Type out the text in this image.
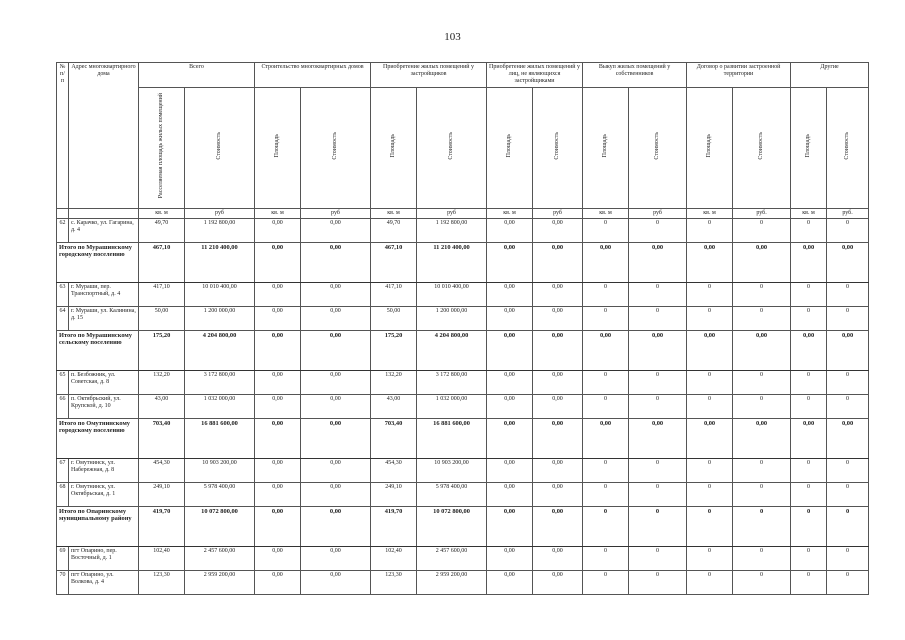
103
№ п/п	Адрес многоквартирного дома	Всего		Строительство многоквартирных домов		Приобретение жилых помещений у застройщиков		Приобретение жилых помещений у лиц, не являющихся застройщиками		Выкуп жилых помещений у собственников		Договор о развитии застроенной территории		Другие	
		Расселяемая площадь жилых помещений	Стоимость	Площадь	Стоимость	Площадь	Стоимость	Площадь	Стоимость	Площадь	Стоимость	Площадь	Стоимость	Площадь	Стоимость
		кв. м	руб	кв. м	руб	кв. м	руб	кв. м	руб	кв. м	руб	кв. м	руб.	кв. м	руб.
62	с. Карачко, ул. Гагарина, д. 4	49,70	1 192 800,00	0,00	0,00	49,70	1 192 800,00	0,00	0,00	0	0	0	0	0	0
Итого по Мурашинскому городскому поселению		467,10	11 210 400,00	0,00	0,00	467,10	11 210 400,00	0,00	0,00	0,00	0,00	0,00	0,00	0,00	0,00
63	г. Мураши, пер. Транспортный, д. 4	417,10	10 010 400,00	0,00	0,00	417,10	10 010 400,00	0,00	0,00	0	0	0	0	0	0
64	г. Мураши, ул. Калинина, д. 15	50,00	1 200 000,00	0,00	0,00	50,00	1 200 000,00	0,00	0,00	0	0	0	0	0	0
Итого по Мурашинскому сельскому поселению		175,20	4 204 800,00	0,00	0,00	175,20	4 204 800,00	0,00	0,00	0,00	0,00	0,00	0,00	0,00	0,00
65	п. Безбожник, ул. Советская, д. 8	132,20	3 172 800,00	0,00	0,00	132,20	3 172 800,00	0,00	0,00	0	0	0	0	0	0
66	п. Октябрьский, ул. Крупской, д. 10	43,00	1 032 000,00	0,00	0,00	43,00	1 032 000,00	0,00	0,00	0	0	0	0	0	0
Итого по Омутнинскому городскому поселению		703,40	16 881 600,00	0,00	0,00	703,40	16 881 600,00	0,00	0,00	0,00	0,00	0,00	0,00	0,00	0,00
67	г. Омутнинск, ул. Набережная, д. 8	454,30	10 903 200,00	0,00	0,00	454,30	10 903 200,00	0,00	0,00	0	0	0	0	0	0
68	г. Омутнинск, ул. Октябрьская, д. 1	249,10	5 978 400,00	0,00	0,00	249,10	5 978 400,00	0,00	0,00	0	0	0	0	0	0
Итого по Опаринскому муниципальному району		419,70	10 072 800,00	0,00	0,00	419,70	10 072 800,00	0,00	0,00	0	0	0	0	0	0
69	пгт Опарино, пер. Восточный, д. 1	102,40	2 457 600,00	0,00	0,00	102,40	2 457 600,00	0,00	0,00	0	0	0	0	0	0
70	пгт Опарино, ул. Волкова, д. 4	123,30	2 959 200,00	0,00	0,00	123,30	2 959 200,00	0,00	0,00	0	0	0	0	0	0
